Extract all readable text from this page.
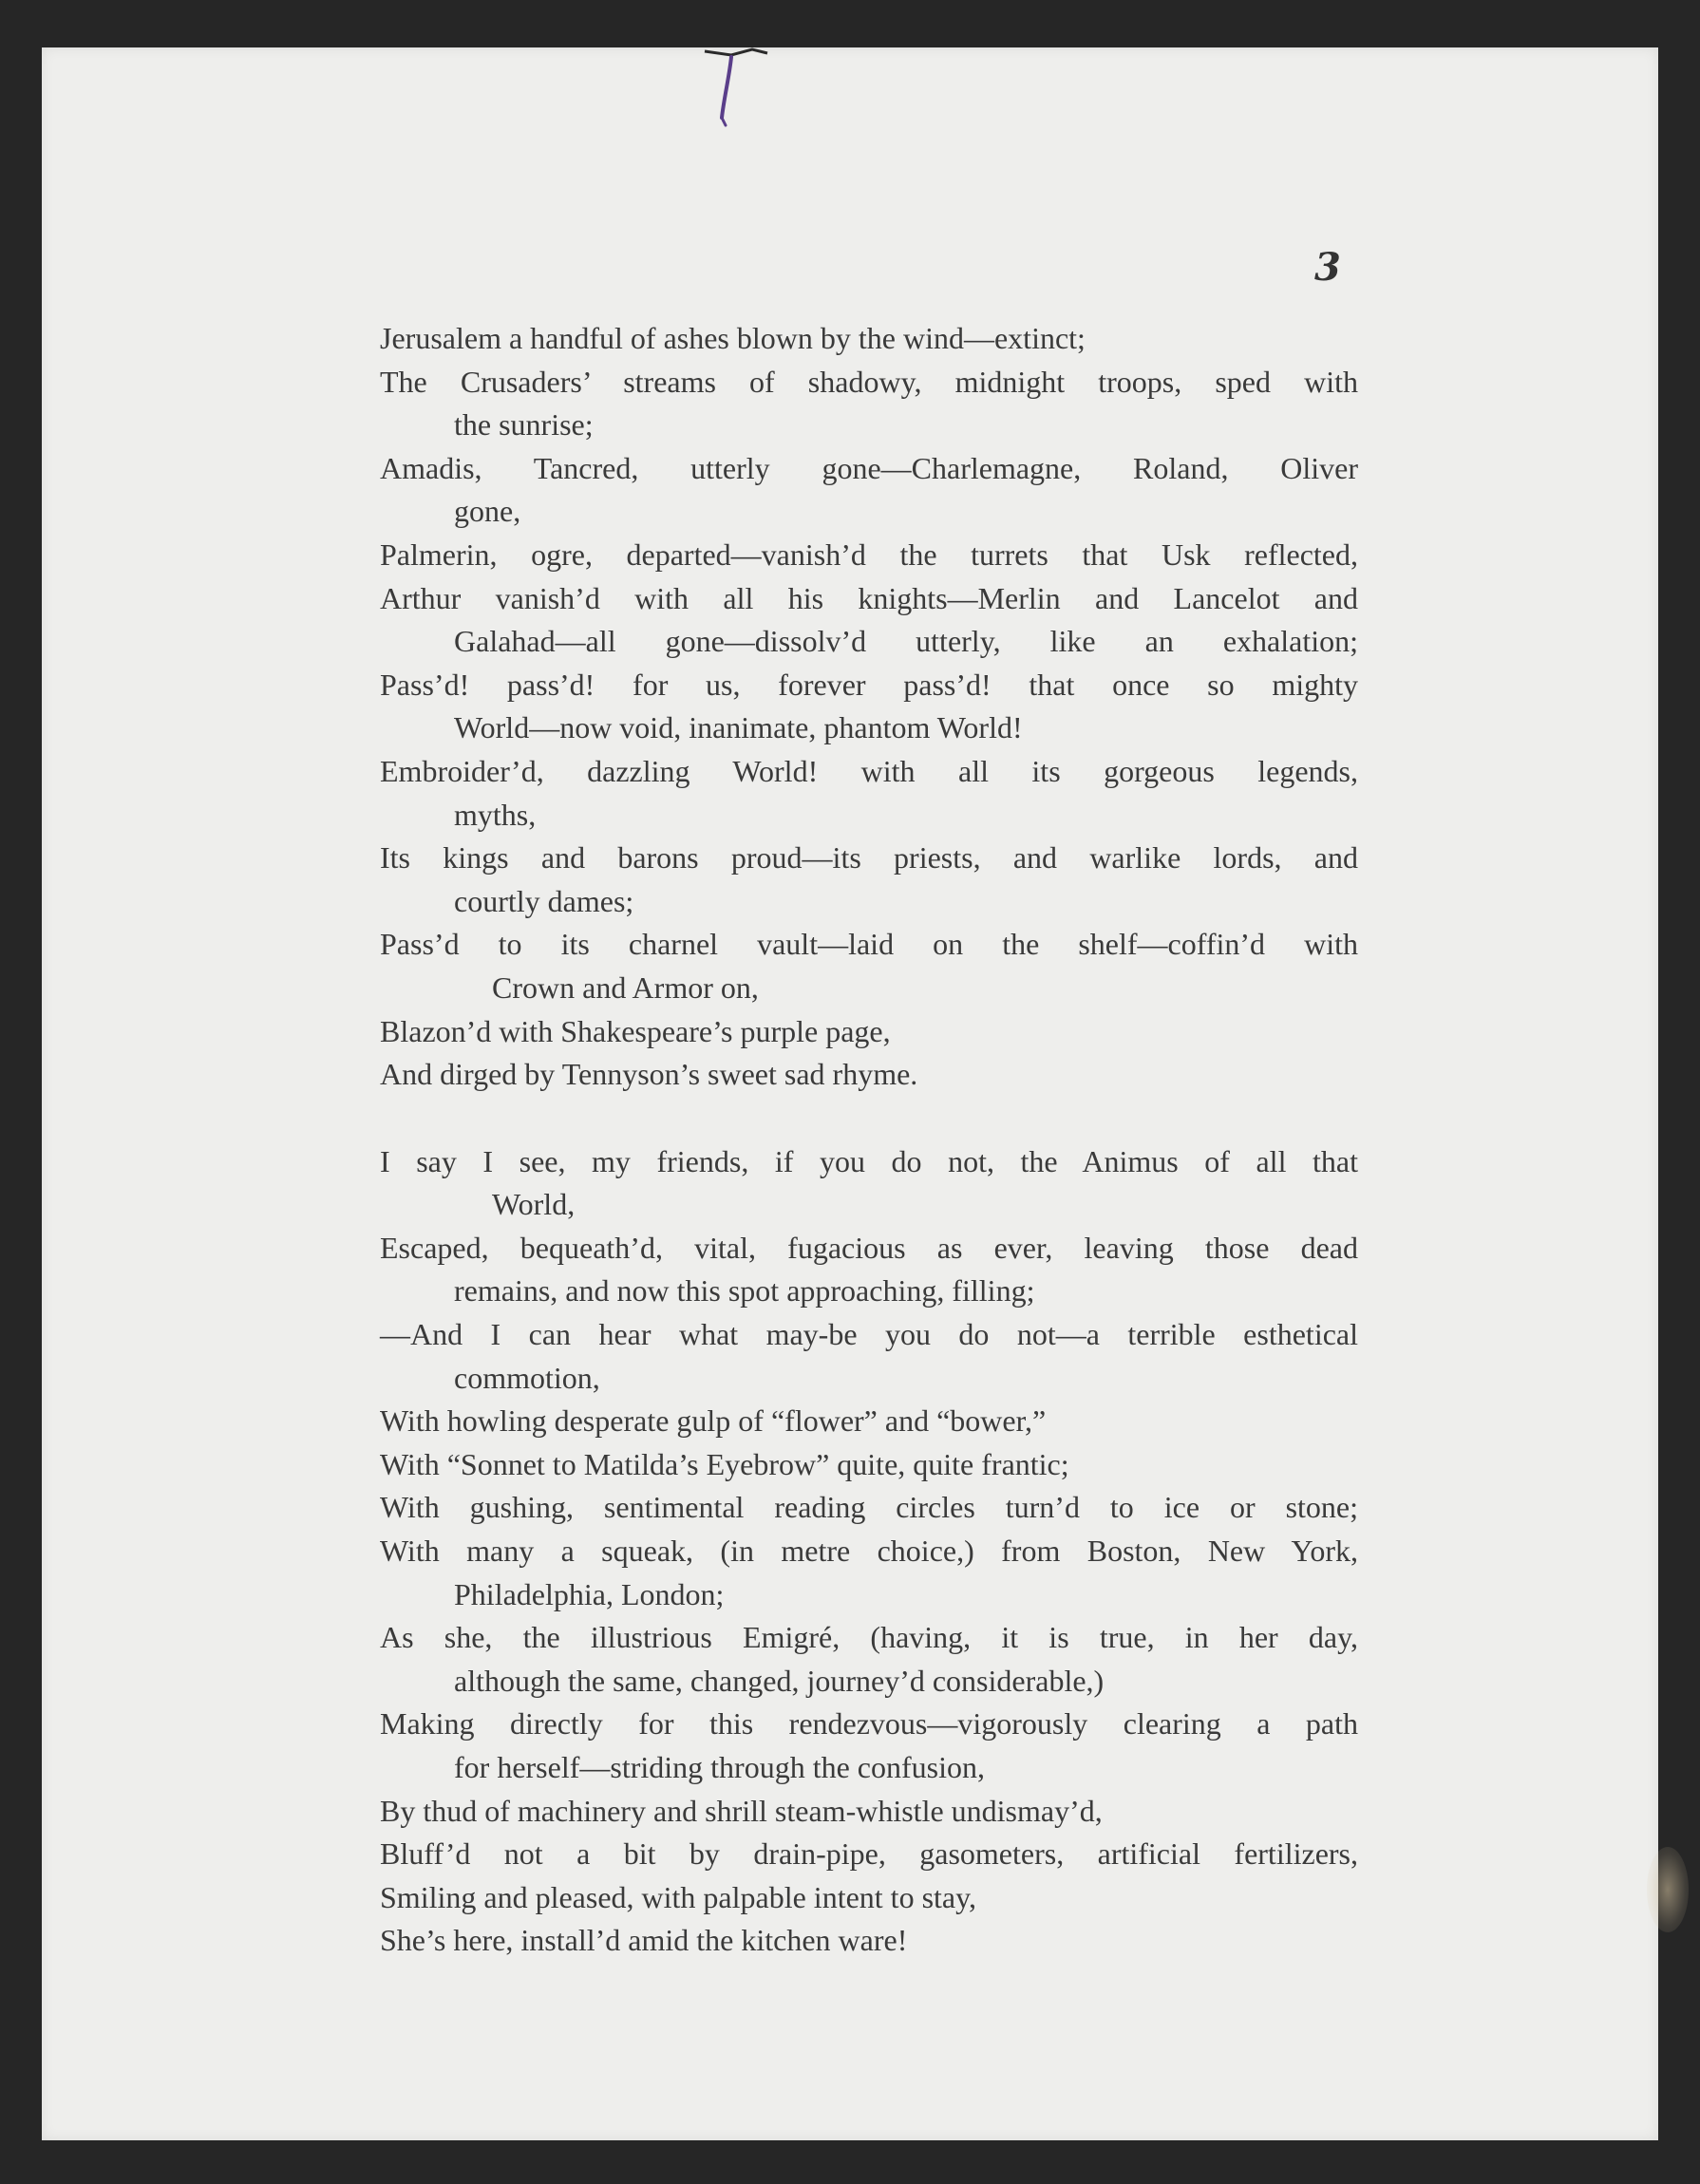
3
Jerusalem a handful of ashes blown by the wind—extinct;
The Crusaders’ streams of shadowy, midnight troops, sped with
the sunrise;
Amadis, Tancred, utterly gone—Charlemagne, Roland, Oliver
gone,
Palmerin, ogre, departed—vanish’d the turrets that Usk reflected,
Arthur vanish’d with all his knights—Merlin and Lancelot and
Galahad—all gone—dissolv’d utterly, like an exhalation;
Pass’d! pass’d! for us, forever pass’d! that once so mighty
World—now void, inanimate, phantom World!
Embroider’d, dazzling World! with all its gorgeous legends,
myths,
Its kings and barons proud—its priests, and warlike lords, and
courtly dames;
Pass’d to its charnel vault—laid on the shelf—coffin’d with
Crown and Armor on,
Blazon’d with Shakespeare’s purple page,
And dirged by Tennyson’s sweet sad rhyme.
I say I see, my friends, if you do not, the Animus of all that
World,
Escaped, bequeath’d, vital, fugacious as ever, leaving those dead
remains, and now this spot approaching, filling;
—And I can hear what may-be you do not—a terrible esthetical
commotion,
With howling desperate gulp of “flower” and “bower,”
With “Sonnet to Matilda’s Eyebrow” quite, quite frantic;
With gushing, sentimental reading circles turn’d to ice or stone;
With many a squeak, (in metre choice,) from Boston, New York,
Philadelphia, London;
As she, the illustrious Emigré, (having, it is true, in her day,
although the same, changed, journey’d considerable,)
Making directly for this rendezvous—vigorously clearing a path
for herself—striding through the confusion,
By thud of machinery and shrill steam-whistle undismay’d,
Bluff’d not a bit by drain-pipe, gasometers, artificial fertilizers,
Smiling and pleased, with palpable intent to stay,
She’s here, install’d amid the kitchen ware!
